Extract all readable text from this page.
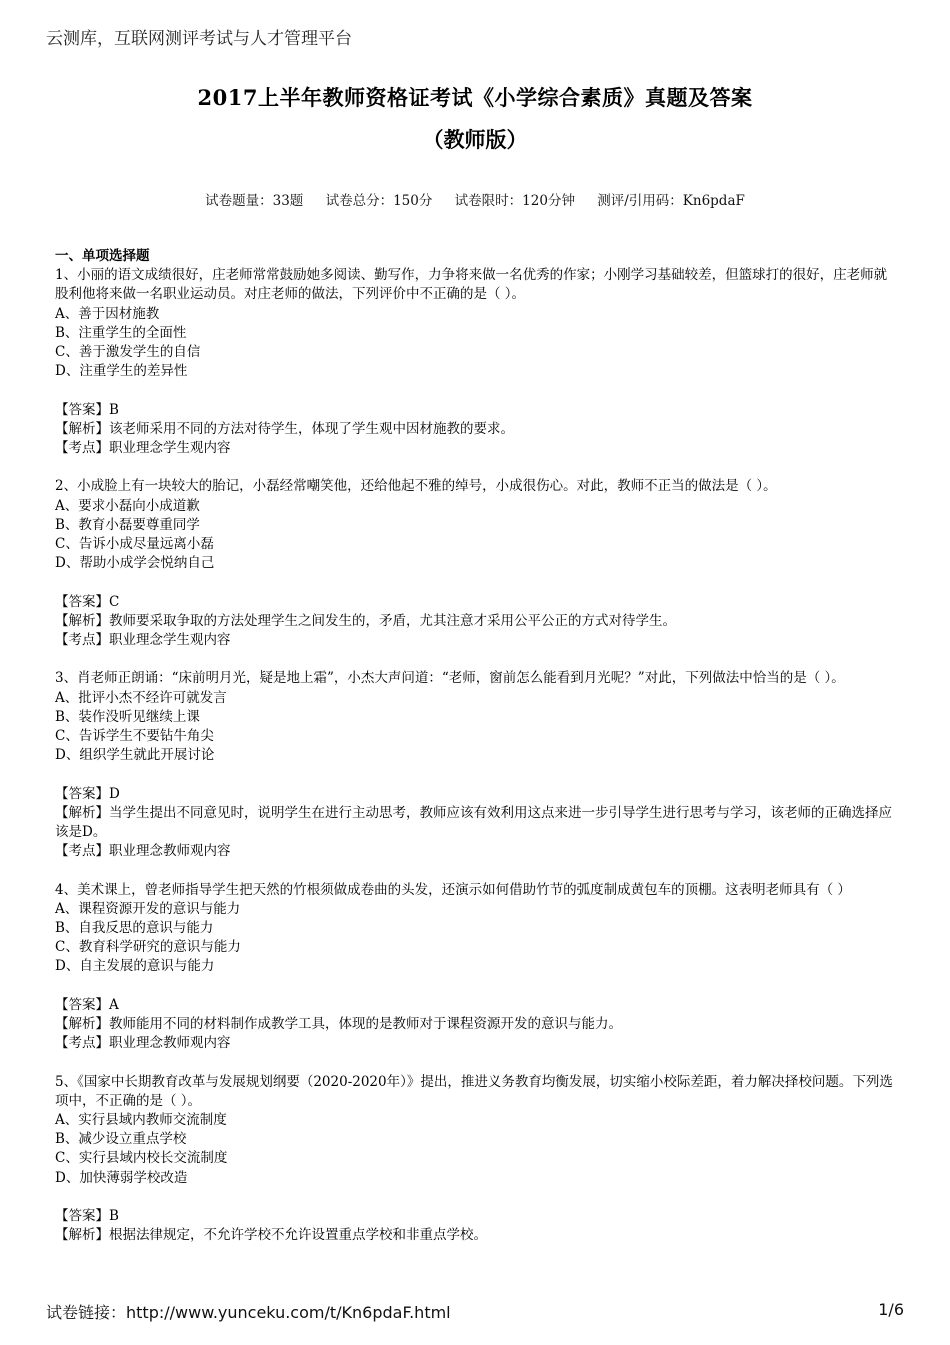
云测库，互联网测评考试与人才管理平台
2017上半年教师资格证考试《小学综合素质》真题及答案
（教师版）
试卷题量：33题 试卷总分：150分 试卷限时：120分钟 测评/引用码：Kn6pdaF
一、单项选择题

1、小丽的语文成绩很好，庄老师常常鼓励她多阅读、勤写作，力争将来做一名优秀的作家；小刚学习基础较差，但篮球打的很好，庄老师就股利他将来做一名职业运动员。对庄老师的做法，下列评价中不正确的是（ ）。

A、善于因材施教

B、注重学生的全面性

C、善于激发学生的自信

D、注重学生的差异性

【答案】B

【解析】该老师采用不同的方法对待学生，体现了学生观中因材施教的要求。

【考点】职业理念学生观内容

2、小成脸上有一块较大的胎记，小磊经常嘲笑他，还给他起不雅的绰号，小成很伤心。对此，教师不正当的做法是（ ）。

A、要求小磊向小成道歉

B、教育小磊要尊重同学

C、告诉小成尽量远离小磊

D、帮助小成学会悦纳自己

【答案】C

【解析】教师要采取争取的方法处理学生之间发生的，矛盾，尤其注意才采用公平公正的方式对待学生。

【考点】职业理念学生观内容

3、肖老师正朗诵：“床前明月光，疑是地上霜”，小杰大声问道：“老师，窗前怎么能看到月光呢？”对此，下列做法中恰当的是（ ）。

A、批评小杰不经许可就发言

B、装作没听见继续上课

C、告诉学生不要钻牛角尖

D、组织学生就此开展讨论

【答案】D

【解析】当学生提出不同意见时，说明学生在进行主动思考，教师应该有效利用这点来进一步引导学生进行思考与学习，该老师的正确选择应该是D。

【考点】职业理念教师观内容

4、美术课上，曾老师指导学生把天然的竹根须做成卷曲的头发，还演示如何借助竹节的弧度制成黄包车的顶棚。这表明老师具有（ ）

A、课程资源开发的意识与能力

B、自我反思的意识与能力

C、教育科学研究的意识与能力

D、自主发展的意识与能力

【答案】A

【解析】教师能用不同的材料制作成教学工具，体现的是教师对于课程资源开发的意识与能力。

【考点】职业理念教师观内容

5、《国家中长期教育改革与发展规划纲要（2020-2020年）》提出，推进义务教育均衡发展，切实缩小校际差距，着力解决择校问题。下列选项中，不正确的是（ ）。

A、实行县域内教师交流制度

B、减少设立重点学校

C、实行县域内校长交流制度

D、加快薄弱学校改造

【答案】B

【解析】根据法律规定，不允许学校不允许设置重点学校和非重点学校。

试卷链接：http://www.yunceku.com/t/Kn6pdaF.html	1/6
